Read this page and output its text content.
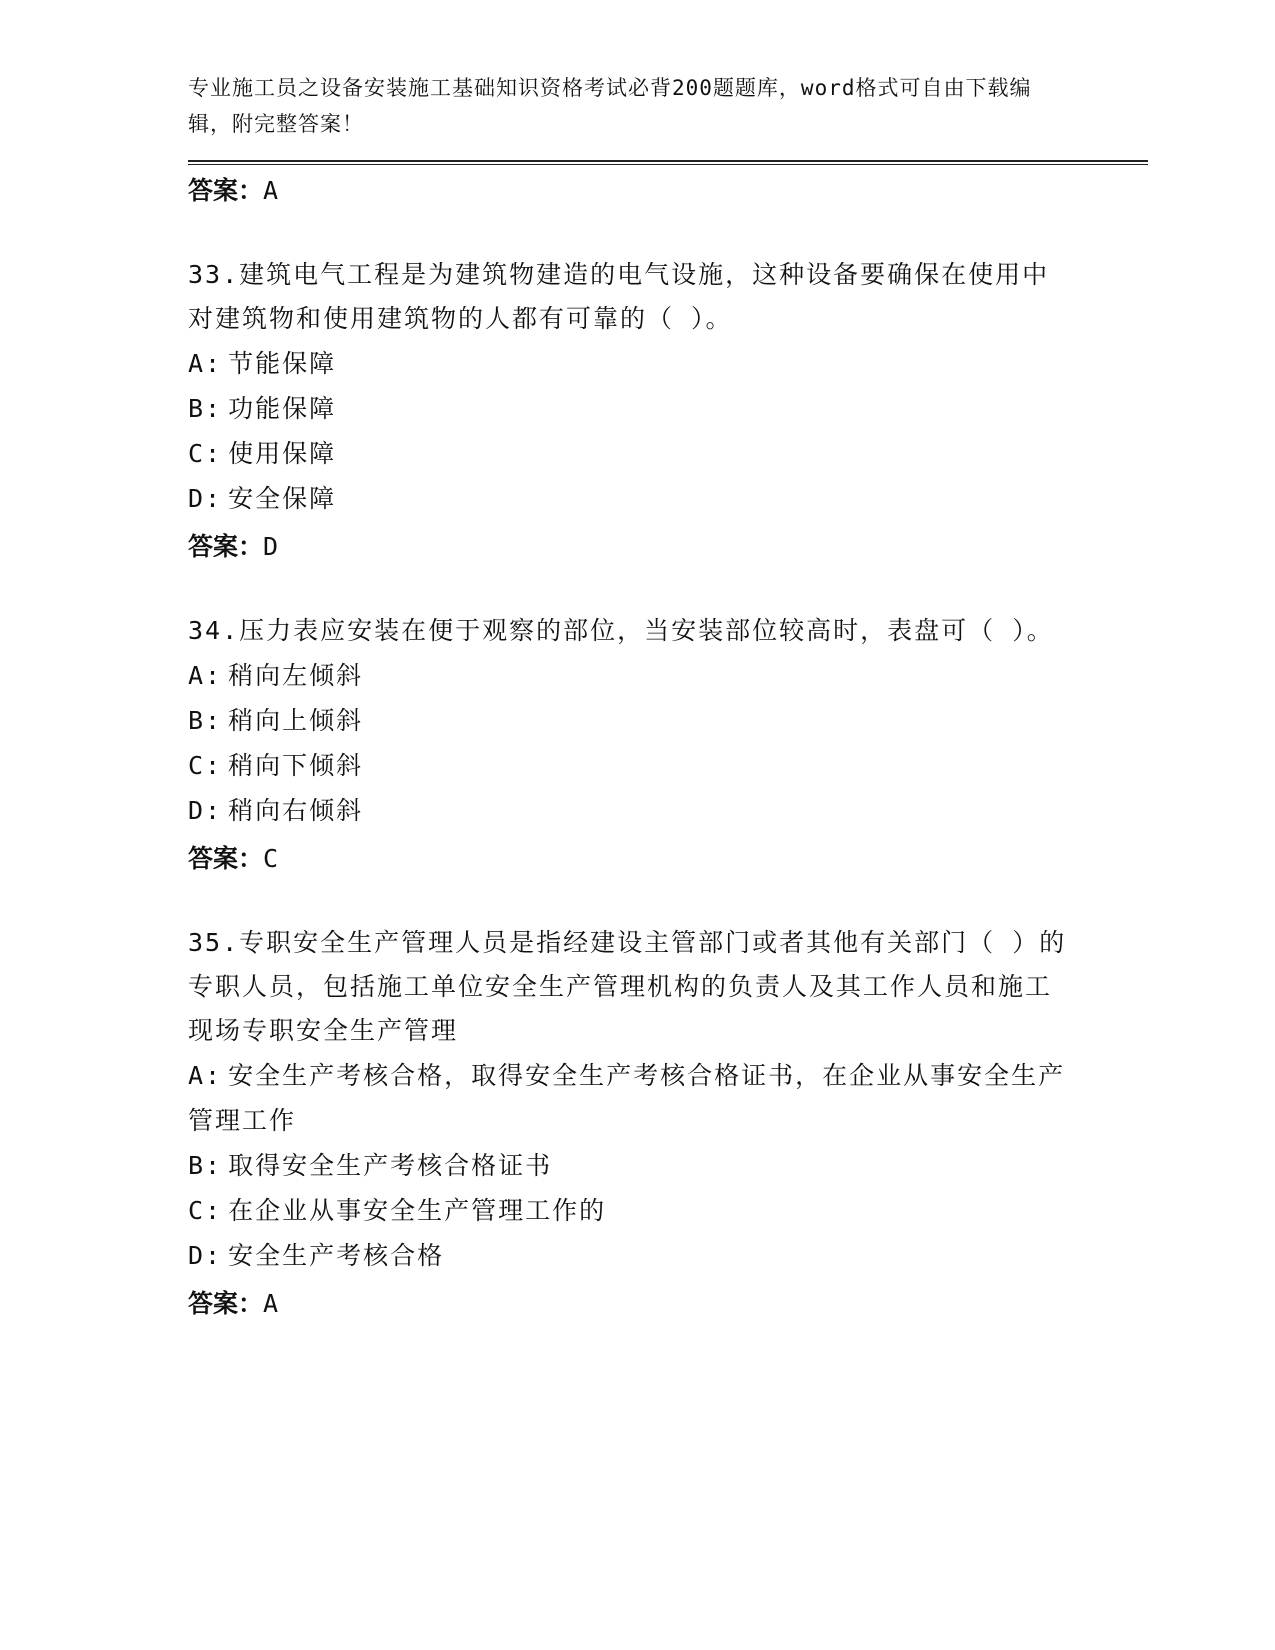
专业施工员之设备安装施工基础知识资格考试必背200题题库，word格式可自由下载编辑，附完整答案！
答案：A
33.建筑电气工程是为建筑物建造的电气设施，这种设备要确保在使用中对建筑物和使用建筑物的人都有可靠的（ ）。
A: 节能保障
B: 功能保障
C: 使用保障
D: 安全保障
答案：D
34.压力表应安装在便于观察的部位，当安装部位较高时，表盘可（ ）。
A: 稍向左倾斜
B: 稍向上倾斜
C: 稍向下倾斜
D: 稍向右倾斜
答案：C
35.专职安全生产管理人员是指经建设主管部门或者其他有关部门（ ）的专职人员，包括施工单位安全生产管理机构的负责人及其工作人员和施工现场专职安全生产管理
A: 安全生产考核合格，取得安全生产考核合格证书，在企业从事安全生产管理工作
B: 取得安全生产考核合格证书
C: 在企业从事安全生产管理工作的
D: 安全生产考核合格
答案：A
